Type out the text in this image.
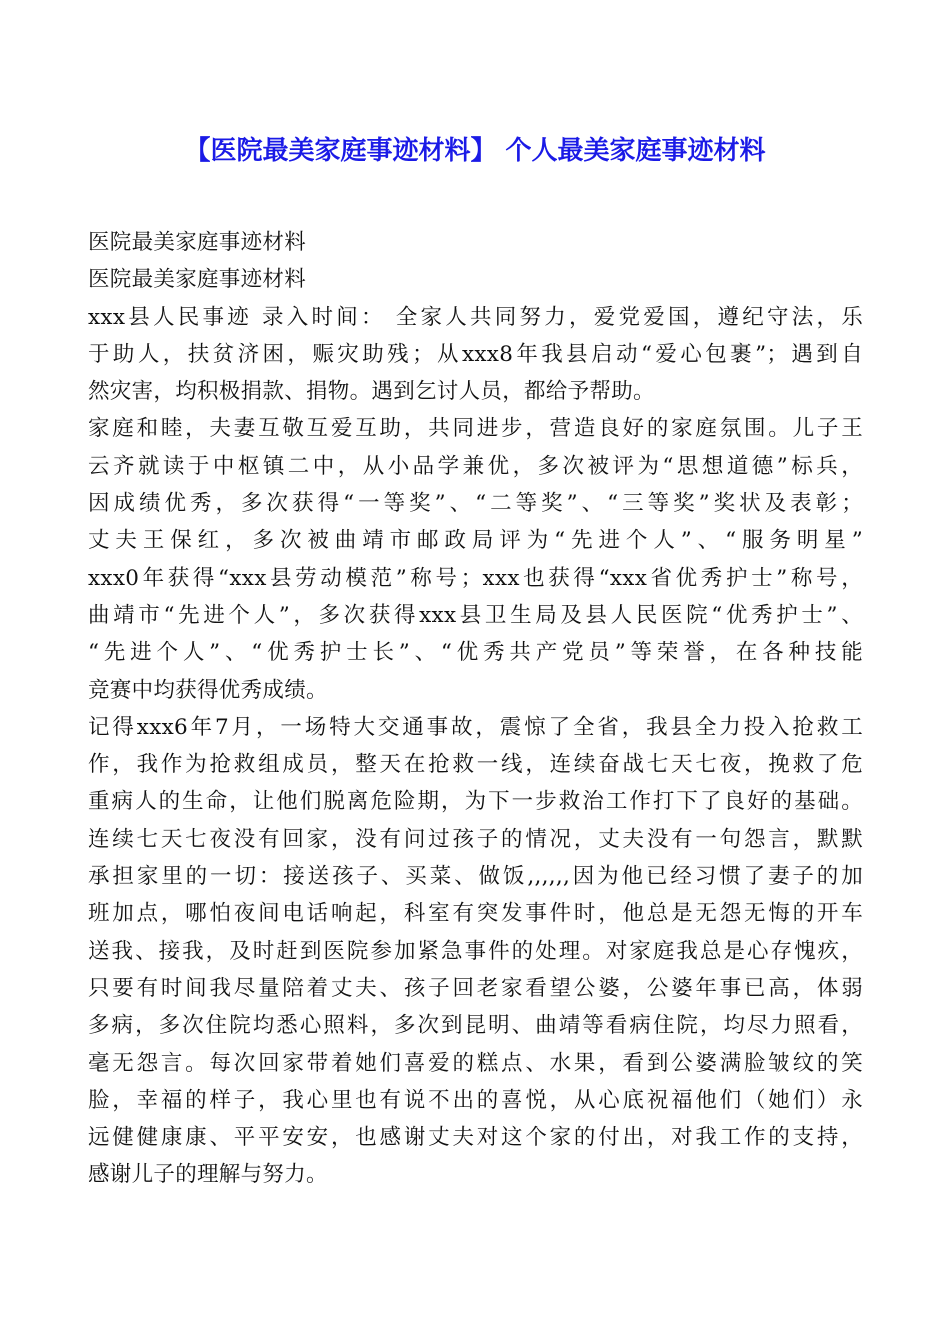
【医院最美家庭事迹材料】 个人最美家庭事迹材料
医院最美家庭事迹材料
医院最美家庭事迹材料
xxx县人民事迹 录入时间： 全家人共同努力，爱党爱国，遵纪守法，乐
于助人，扶贫济困，赈灾助残；从xxx8年我县启动“爱心包裹”；遇到自
然灾害，均积极捐款、捐物。遇到乞讨人员，都给予帮助。
家庭和睦，夫妻互敬互爱互助，共同进步，营造良好的家庭氛围。儿子王
云齐就读于中枢镇二中，从小品学兼优，多次被评为“思想道德”标兵，
因成绩优秀，多次获得“一等奖”、“二等奖”、“三等奖”奖状及表彰；
丈夫王保红，多次被曲靖市邮政局评为“先进个人”、“服务明星”
xxx0年获得“xxx县劳动模范”称号；xxx也获得“xxx省优秀护士”称号，
曲靖市“先进个人”，多次获得xxx县卫生局及县人民医院“优秀护士”、
“先进个人”、“优秀护士长”、“优秀共产党员”等荣誉，在各种技能
竞赛中均获得优秀成绩。
记得xxx6年7月，一场特大交通事故，震惊了全省，我县全力投入抢救工
作，我作为抢救组成员，整天在抢救一线，连续奋战七天七夜，挽救了危
重病人的生命，让他们脱离危险期，为下一步救治工作打下了良好的基础。
连续七天七夜没有回家，没有问过孩子的情况，丈夫没有一句怨言，默默
承担家里的一切：接送孩子、买菜、做饭,,,,,,因为他已经习惯了妻子的加
班加点，哪怕夜间电话响起，科室有突发事件时，他总是无怨无悔的开车
送我、接我，及时赶到医院参加紧急事件的处理。对家庭我总是心存愧疚，
只要有时间我尽量陪着丈夫、孩子回老家看望公婆，公婆年事已高，体弱
多病，多次住院均悉心照料，多次到昆明、曲靖等看病住院，均尽力照看，
毫无怨言。每次回家带着她们喜爱的糕点、水果，看到公婆满脸皱纹的笑
脸，幸福的样子，我心里也有说不出的喜悦，从心底祝福他们（她们）永
远健健康康、平平安安，也感谢丈夫对这个家的付出，对我工作的支持，
感谢儿子的理解与努力。
